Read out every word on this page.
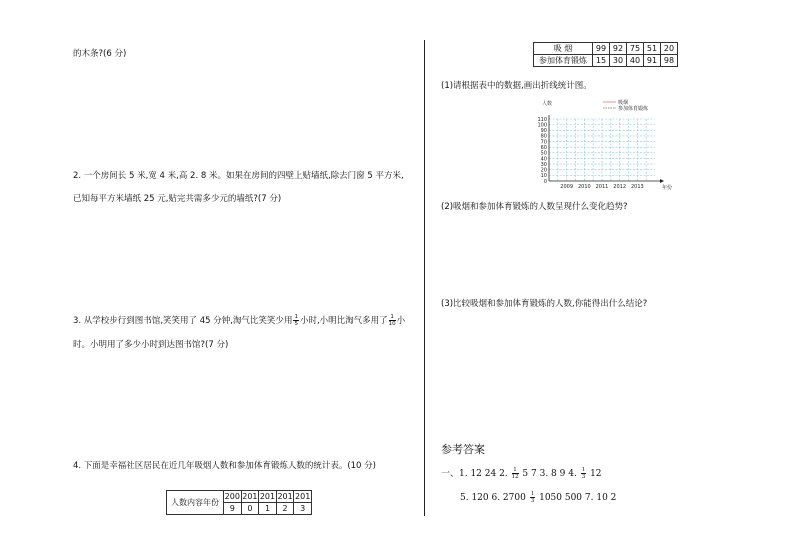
的木条?(6 分)
2. 一个房间长 5 米,宽 4 米,高 2. 8 米。如果在房间的四壁上贴墙纸,除去门窗 5 平方米,
已知每平方米墙纸 25 元,贴完共需多少元的墙纸?(7 分)
3. 从学校步行到图书馆,笑笑用了 45 分钟,淘气比笑笑少用 $\frac{1}{5}$ 小时,小明比淘气多用了 $\frac{1}{10}$ 小
时。小明用了多少小时到达图书馆?(7 分)
4. 下面是幸福社区居民在近几年吸烟人数和参加体育锻炼人数的统计表。(10 分)
人数内容年份	200	201	201	201	201
	9	0	1	2	3
吸 烟	99	92	75	51	20
参加体育锻炼	15	30	40	91	98
(1)请根据表中的数据,画出折线统计图。
人数	吸烟
参加体育锻炼
0
10
20
30
40
50
60
70
80
90
100
110
2009 2010 2011 2012 2013	年份
(2)吸烟和参加体育锻炼的人数呈现什么变化趋势?
(3)比较吸烟和参加体育锻炼的人数,你能得出什么结论?
参考答案
一、1. 12 24 2. $\frac{1}{12} 5$ 7 3. 8 9 4. $\frac{1}{3} 12$
5. 120 6. $2700 \frac{1}{3} 1050$ 500 7. 10 2
